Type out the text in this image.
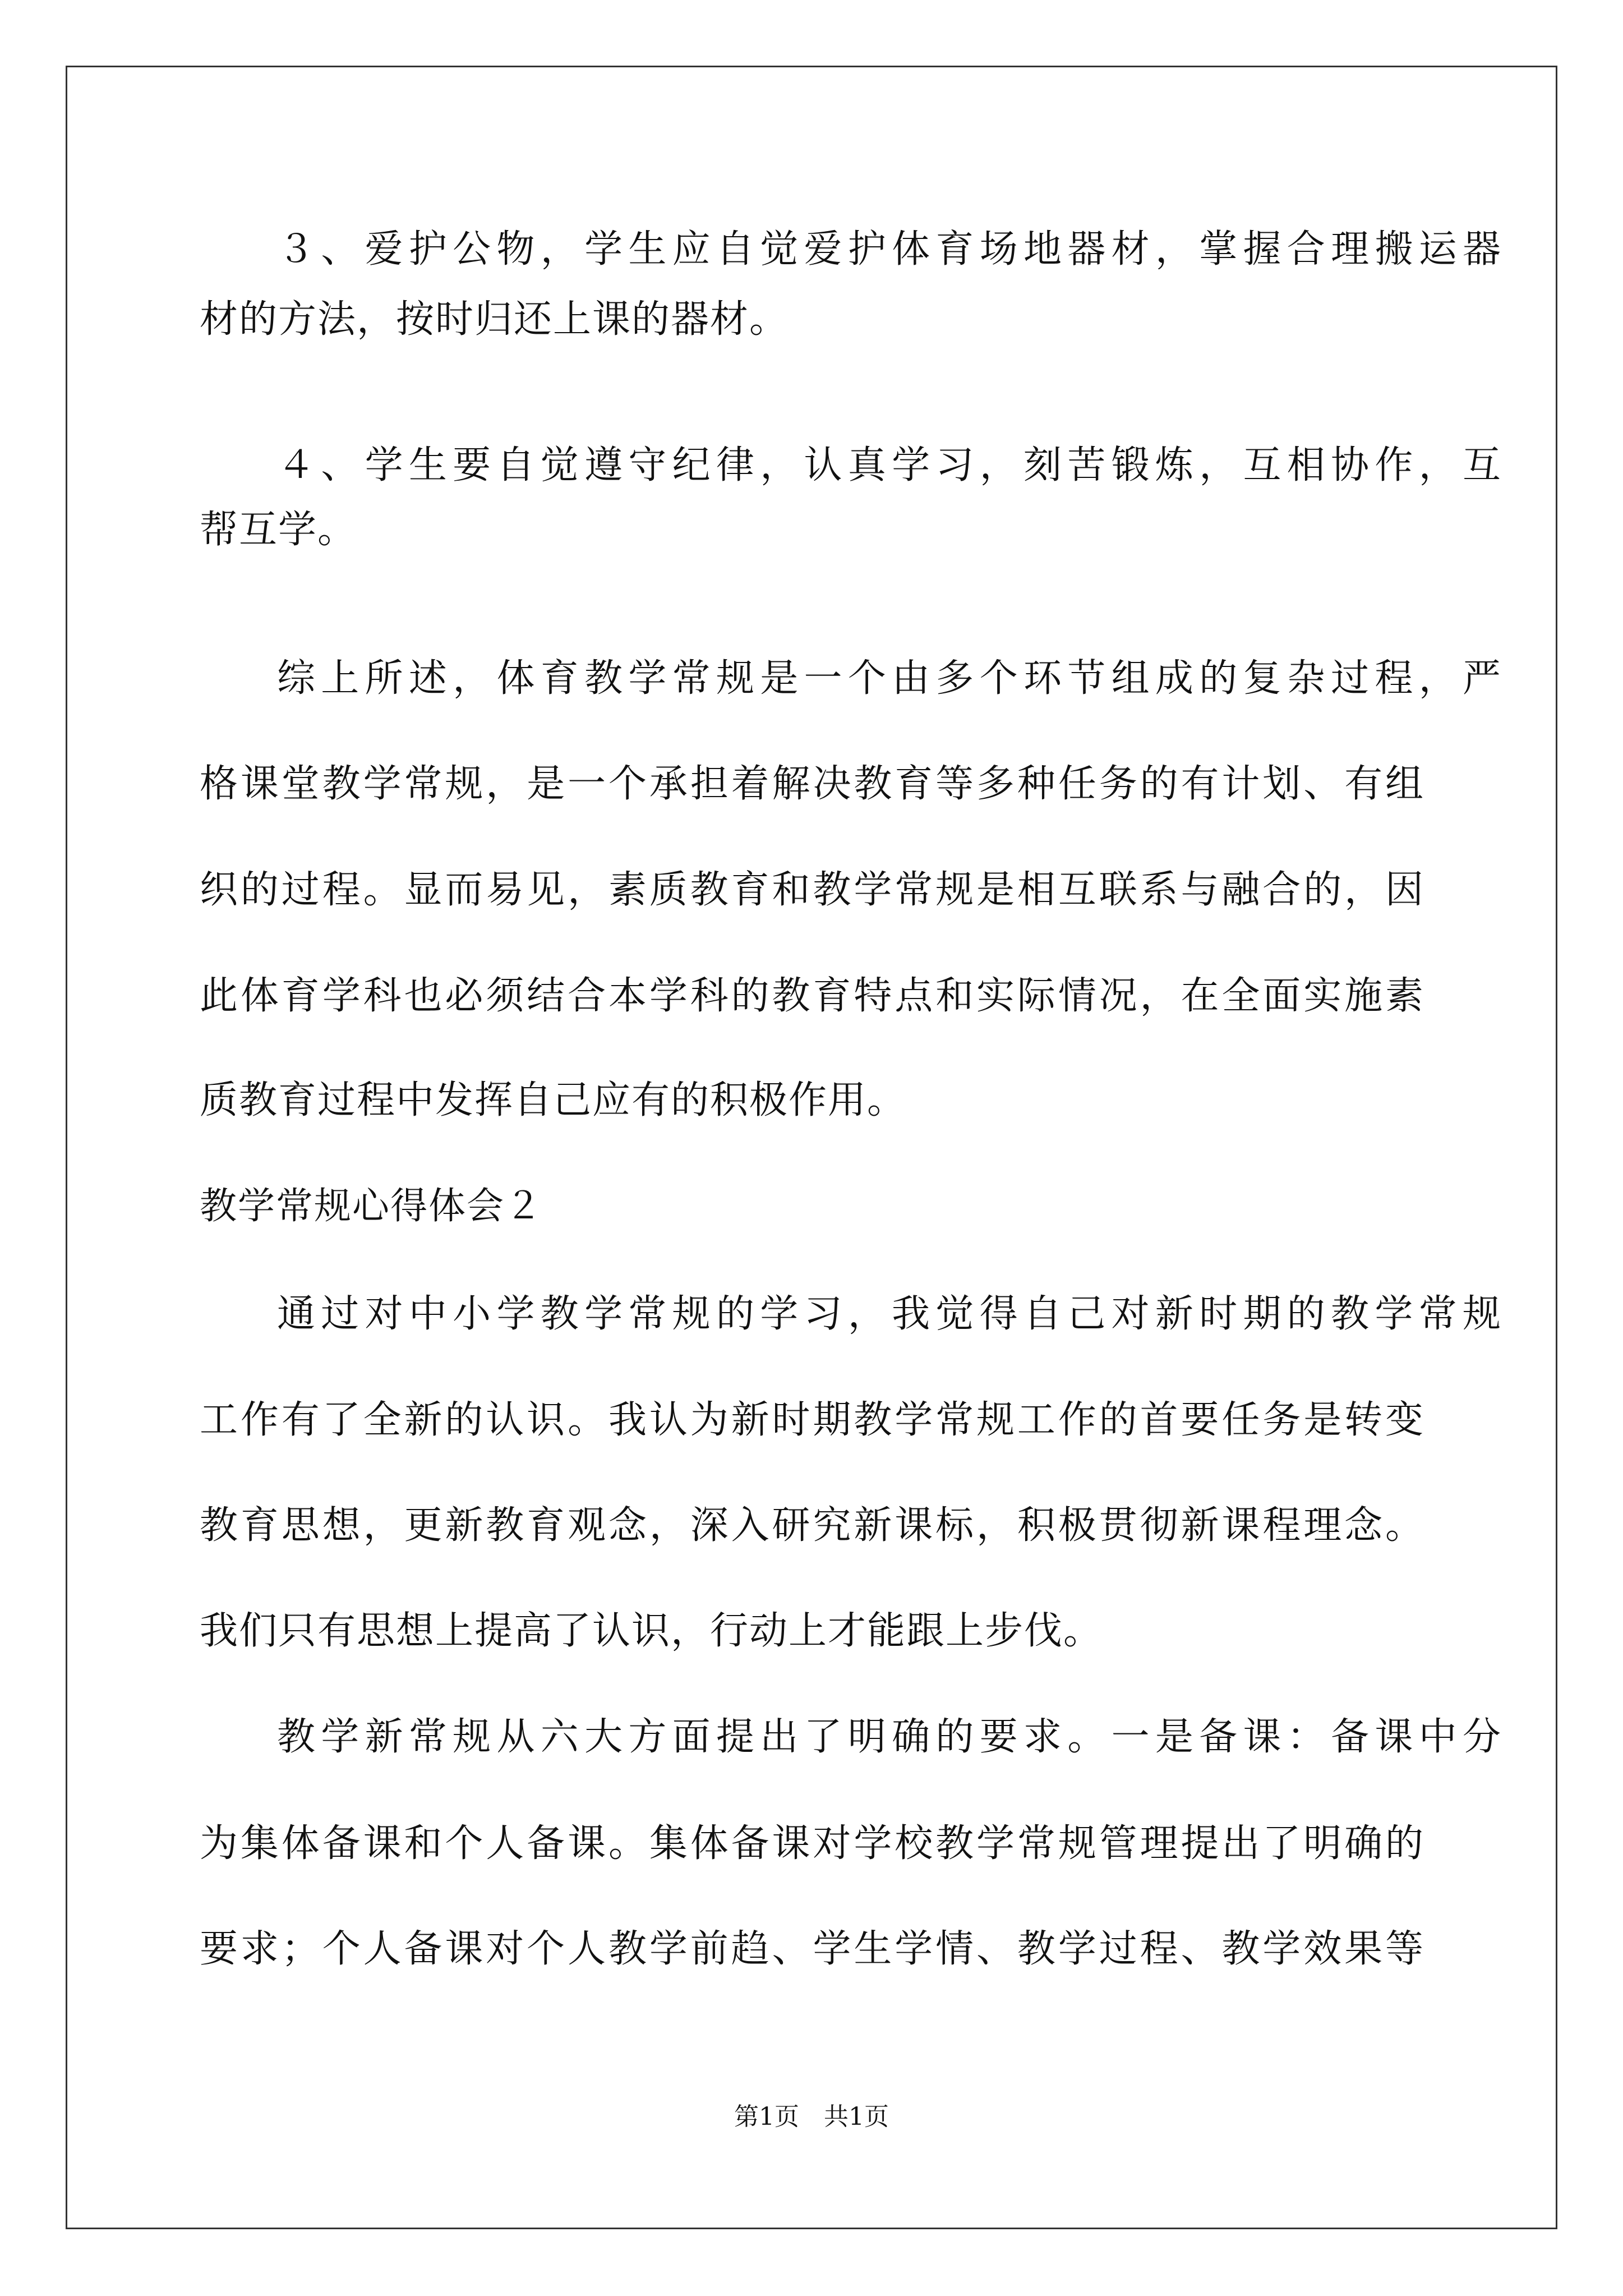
３、爱护公物，学生应自觉爱护体育场地器材，掌握合理搬运器
材的方法，按时归还上课的器材。
４、学生要自觉遵守纪律，认真学习，刻苦锻炼，互相协作，互
帮互学。
综上所述，体育教学常规是一个由多个环节组成的复杂过程，严
格课堂教学常规，是一个承担着解决教育等多种任务的有计划、有组
织的过程。显而易见，素质教育和教学常规是相互联系与融合的，因
此体育学科也必须结合本学科的教育特点和实际情况，在全面实施素
质教育过程中发挥自己应有的积极作用。
教学常规心得体会２
通过对中小学教学常规的学习，我觉得自己对新时期的教学常规
工作有了全新的认识。我认为新时期教学常规工作的首要任务是转变
教育思想，更新教育观念，深入研究新课标，积极贯彻新课程理念。
我们只有思想上提高了认识，行动上才能跟上步伐。
教学新常规从六大方面提出了明确的要求。一是备课：备课中分
为集体备课和个人备课。集体备课对学校教学常规管理提出了明确的
要求；个人备课对个人教学前趋、学生学情、教学过程、教学效果等
第1页　共1页
